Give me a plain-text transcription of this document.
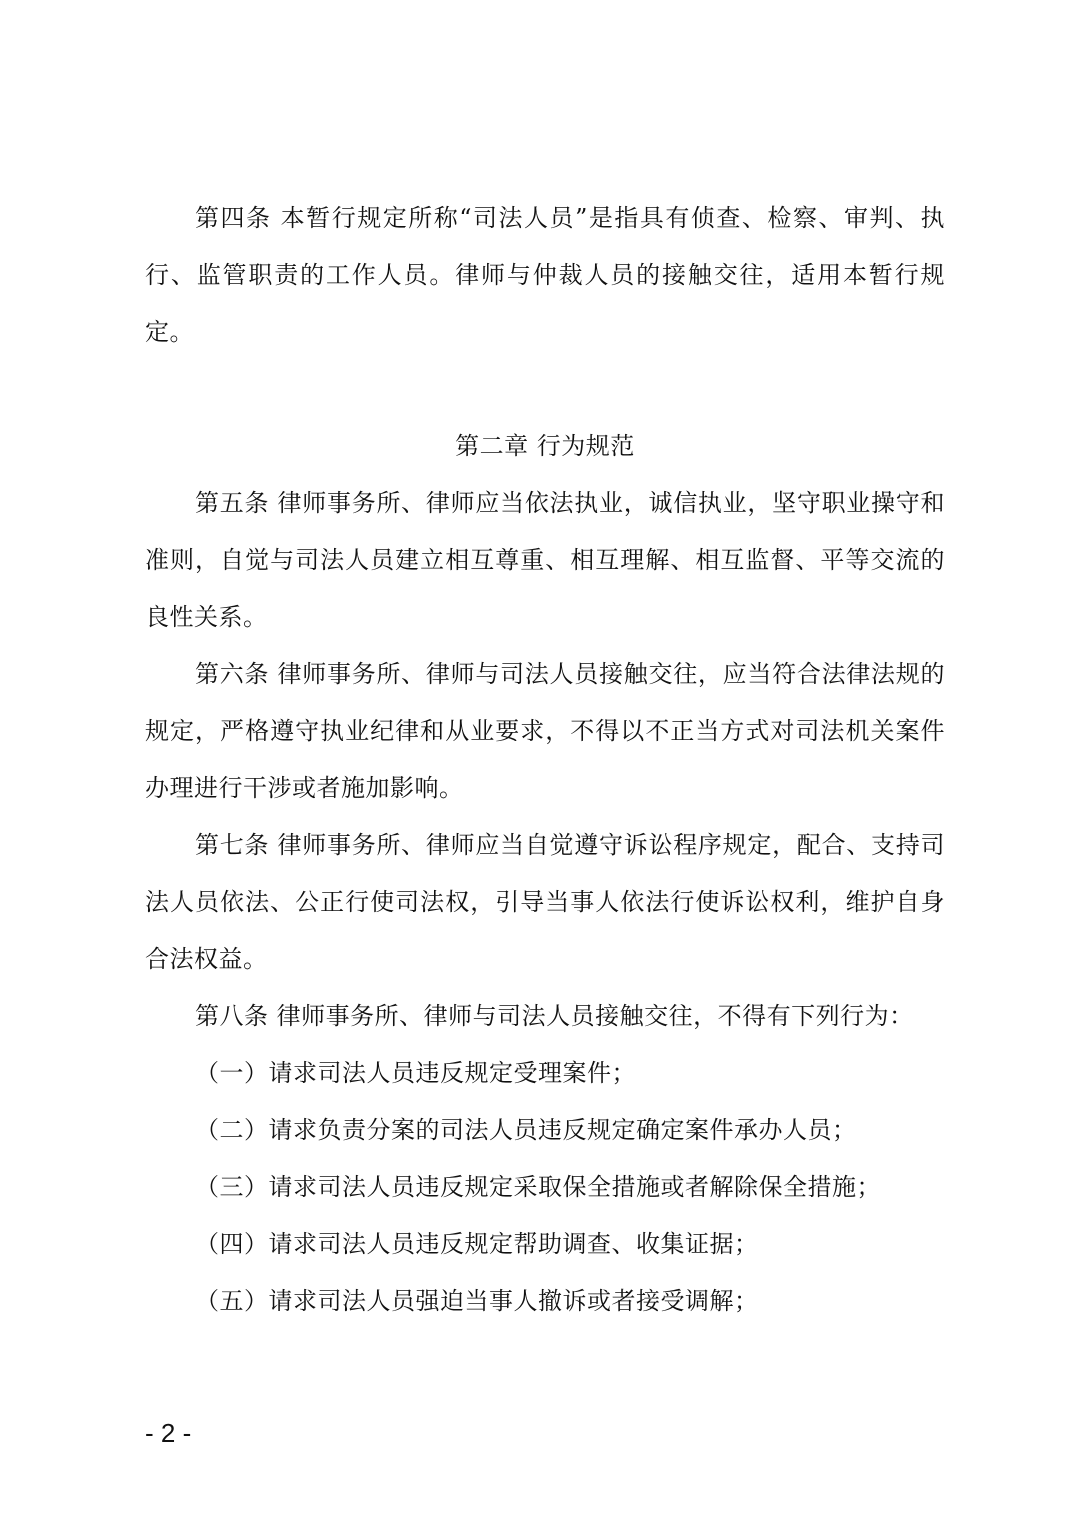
第四条 本暂行规定所称“司法人员”是指具有侦查、检察、审判、执行、监管职责的工作人员。律师与仲裁人员的接触交往，适用本暂行规定。

第二章 行为规范

第五条 律师事务所、律师应当依法执业，诚信执业，坚守职业操守和准则，自觉与司法人员建立相互尊重、相互理解、相互监督、平等交流的良性关系。

第六条 律师事务所、律师与司法人员接触交往，应当符合法律法规的规定，严格遵守执业纪律和从业要求，不得以不正当方式对司法机关案件办理进行干涉或者施加影响。

第七条 律师事务所、律师应当自觉遵守诉讼程序规定，配合、支持司法人员依法、公正行使司法权，引导当事人依法行使诉讼权利，维护自身合法权益。

第八条 律师事务所、律师与司法人员接触交往，不得有下列行为：

（一）请求司法人员违反规定受理案件；

（二）请求负责分案的司法人员违反规定确定案件承办人员；

（三）请求司法人员违反规定采取保全措施或者解除保全措施；

（四）请求司法人员违反规定帮助调查、收集证据；

（五）请求司法人员强迫当事人撤诉或者接受调解；

- 2 -
